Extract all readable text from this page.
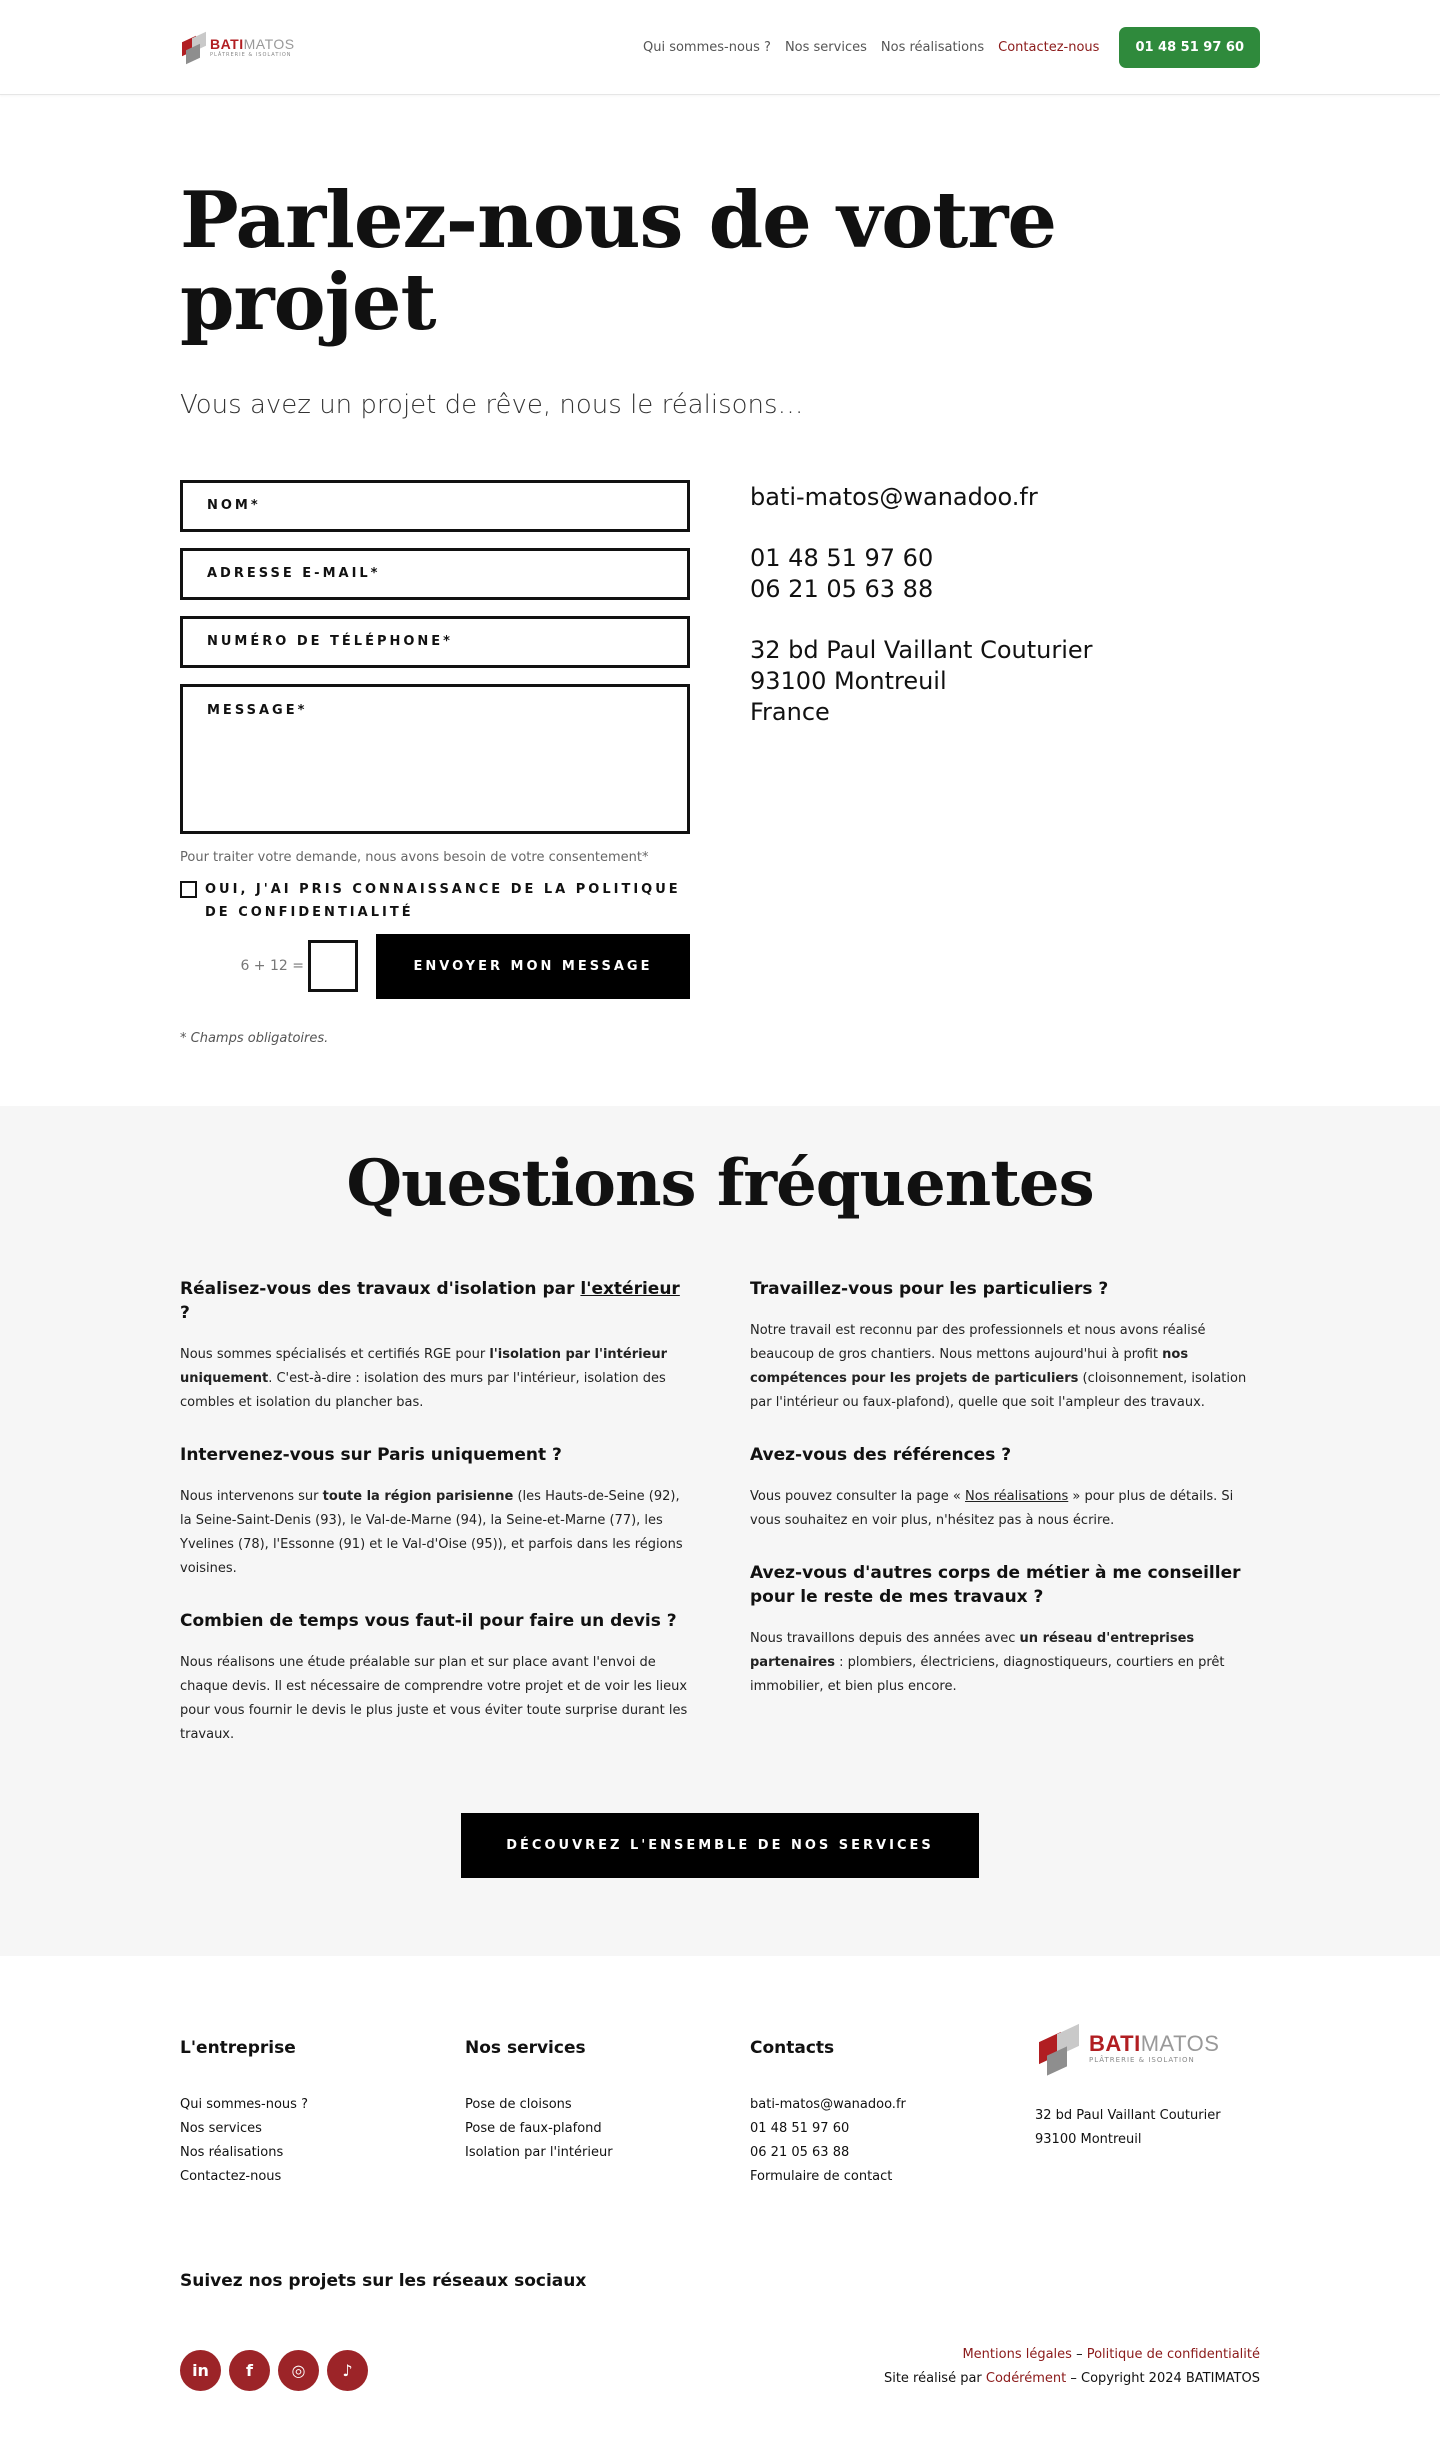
BATIMATOS
PLÂTRERIE & ISOLATION	Qui sommes-nous ? Nos services Nos réalisations Contactez-nous	01 48 51 97 60
Parlez-nous de votre projet

Vous avez un projet de rêve, nous le réalisons…

NOM*
ADRESSE E-MAIL*
NUMÉRO DE TÉLÉPHONE*
MESSAGE*

Pour traiter votre demande, nous avons besoin de votre consentement*

OUI, J'AI PRIS CONNAISSANCE DE LA POLITIQUE DE CONFIDENTIALITÉ
6 + 12 =	ENVOYER MON MESSAGE

* Champs obligatoires.

bati-matos@wanadoo.fr
01 48 51 97 60
06 21 05 63 88
32 bd Paul Vaillant Couturier
93100 Montreuil
France
Questions fréquentes

Réalisez-vous des travaux d'isolation par l'extérieur ?

Nous sommes spécialisés et certifiés RGE pour l'isolation par l'intérieur uniquement. C'est-à-dire : isolation des murs par l'intérieur, isolation des combles et isolation du plancher bas.

Intervenez-vous sur Paris uniquement ?

Nous intervenons sur toute la région parisienne (les Hauts-de-Seine (92), la Seine-Saint-Denis (93), le Val-de-Marne (94), la Seine-et-Marne (77), les Yvelines (78), l'Essonne (91) et le Val-d'Oise (95)), et parfois dans les régions voisines.

Combien de temps vous faut-il pour faire un devis ?

Nous réalisons une étude préalable sur plan et sur place avant l'envoi de chaque devis. Il est nécessaire de comprendre votre projet et de voir les lieux pour vous fournir le devis le plus juste et vous éviter toute surprise durant les travaux.

Travaillez-vous pour les particuliers ?

Notre travail est reconnu par des professionnels et nous avons réalisé beaucoup de gros chantiers. Nous mettons aujourd'hui à profit nos compétences pour les projets de particuliers (cloisonnement, isolation par l'intérieur ou faux-plafond), quelle que soit l'ampleur des travaux.

Avez-vous des références ?

Vous pouvez consulter la page « Nos réalisations » pour plus de détails. Si vous souhaitez en voir plus, n'hésitez pas à nous écrire.

Avez-vous d'autres corps de métier à me conseiller pour le reste de mes travaux ?

Nous travaillons depuis des années avec un réseau d'entreprises partenaires : plombiers, électriciens, diagnostiqueurs, courtiers en prêt immobilier, et bien plus encore.

DÉCOUVREZ L'ENSEMBLE DE NOS SERVICES
L'entreprise
Qui sommes-nous ?
Nos services
Nos réalisations
Contactez-nous
Nos services
Pose de cloisons
Pose de faux-plafond
Isolation par l'intérieur
Contacts
bati-matos@wanadoo.fr
01 48 51 97 60
06 21 05 63 88
Formulaire de contact
BATIMATOS
PLÂTRERIE & ISOLATION

32 bd Paul Vaillant Couturier
93100 Montreuil

Suivez nos projets sur les réseaux sociaux

in	f	◎	♪
Mentions légales – Politique de confidentialité
Site réalisé par Codérément – Copyright 2024 BATIMATOS
